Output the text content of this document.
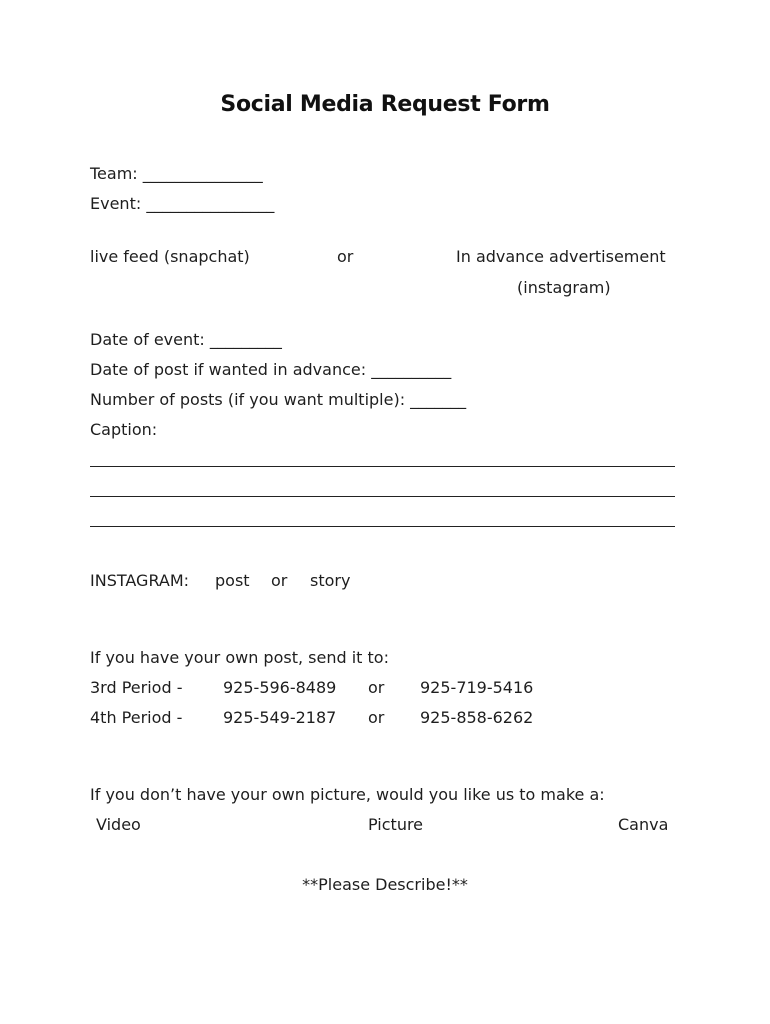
Social Media Request Form
Team: _______________
Event: ________________
live feed (snapchat)	or	In advance advertisement
(instagram)
Date of event: _________
Date of post if wanted in advance: __________
Number of posts (if you want multiple): _______
Caption:
INSTAGRAM: post or story
If you have your own post, send it to:
3rd Period -	925-596-8489 or 925-719-5416
4th Period -	925-549-2187 or 925-858-6262
If you don’t have your own picture, would you like us to make a:
Video	Picture	Canva
**Please Describe!**
